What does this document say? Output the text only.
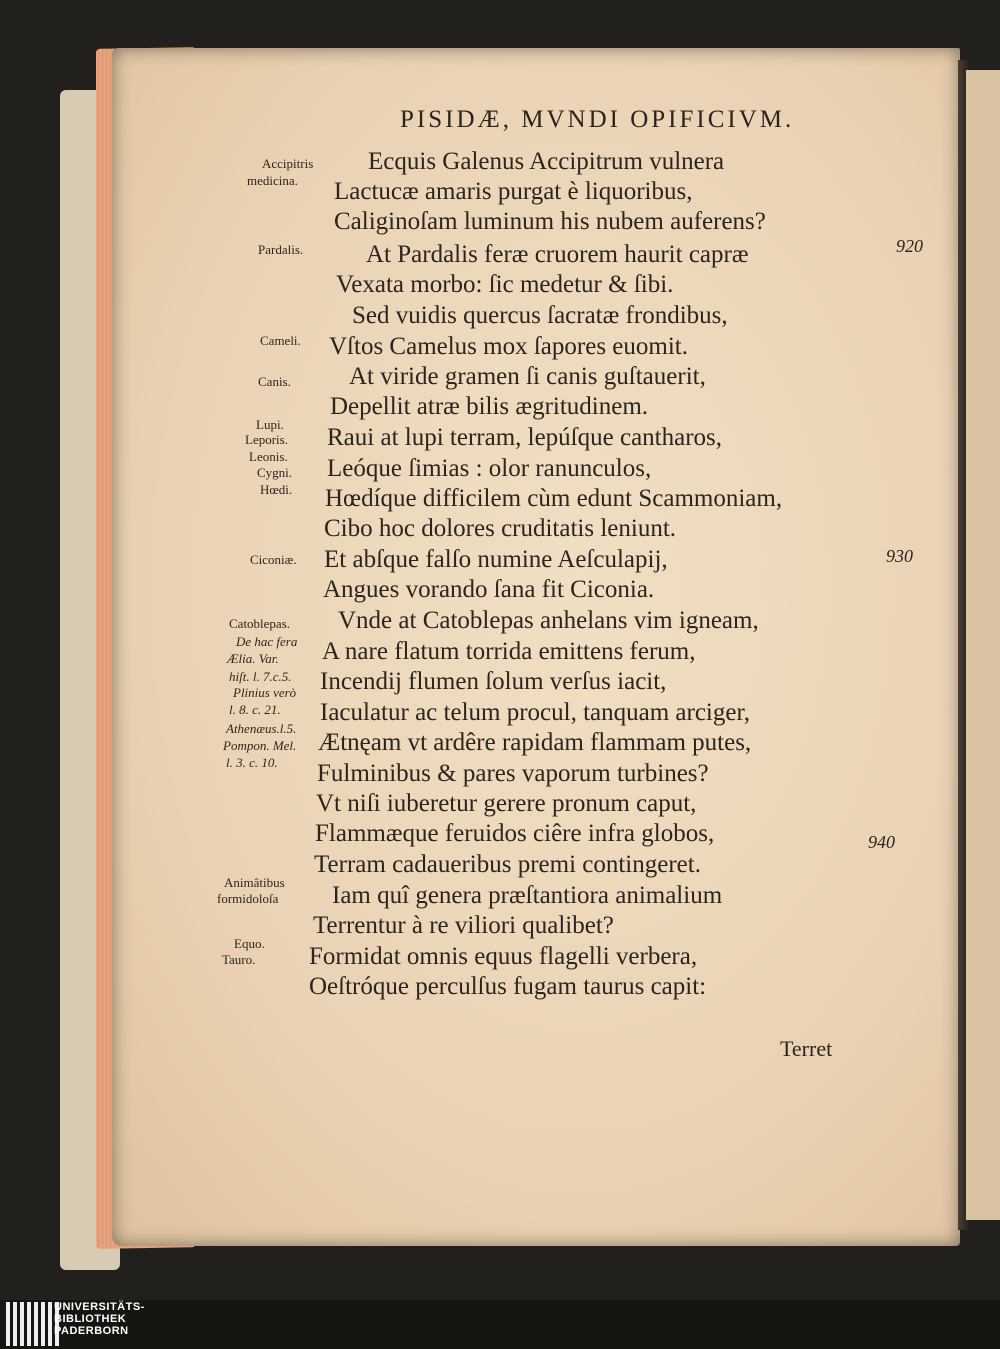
PISIDÆ, MVNDI OPIFICIVM.
Accipitris
medicina.
Pardalis.
Cameli.
Canis.
Lupi.
Leporis.
Leonis.
Cygni.
Hœdi.
Ciconiæ.
Catoblepas.
De hac fera
Ælia. Var.
hiſt. l. 7.c.5.
Plinius verò
l. 8. c. 21.
Athenæus.l.5.
Pompon. Mel.
l. 3. c. 10.
Animâtibus
formidoloſa
Equo.
Tauro.
Ecquis Galenus Accipitrum vulnera
Lactucæ amaris purgat è liquoribus,
Caliginoſam luminum his nubem auferens?
At Pardalis feræ cruorem haurit capræ
Vexata morbo: ſic medetur & ſibi.
Sed vuidis quercus ſacratæ frondibus,
Vſtos Camelus mox ſapores euomit.
At viride gramen ſi canis guſtauerit,
Depellit atræ bilis ægritudinem.
Raui at lupi terram, lepúſque cantharos,
Leóque ſimias : olor ranunculos,
Hœdíque difficilem cùm edunt Scammoniam,
Cibo hoc dolores cruditatis leniunt.
Et abſque falſo numine Aeſculapij,
Angues vorando ſana fit Ciconia.
Vnde at Catoblepas anhelans vim igneam,
A nare flatum torrida emittens ferum,
Incendij flumen ſolum verſus iacit,
Iaculatur ac telum procul, tanquam arciger,
Ætnęam vt ardêre rapidam flammam putes,
Fulminibus & pares vaporum turbines?
Vt niſi iuberetur gerere pronum caput,
Flammæque feruidos ciêre infra globos,
Terram cadaueribus premi contingeret.
Iam quî genera præſtantiora animalium
Terrentur à re viliori qualibet?
Formidat omnis equus flagelli verbera,
Oeſtróque perculſus fugam taurus capit:
920
930
940
Terret
UNIVERSITÄTS-
BIBLIOTHEK
PADERBORN
